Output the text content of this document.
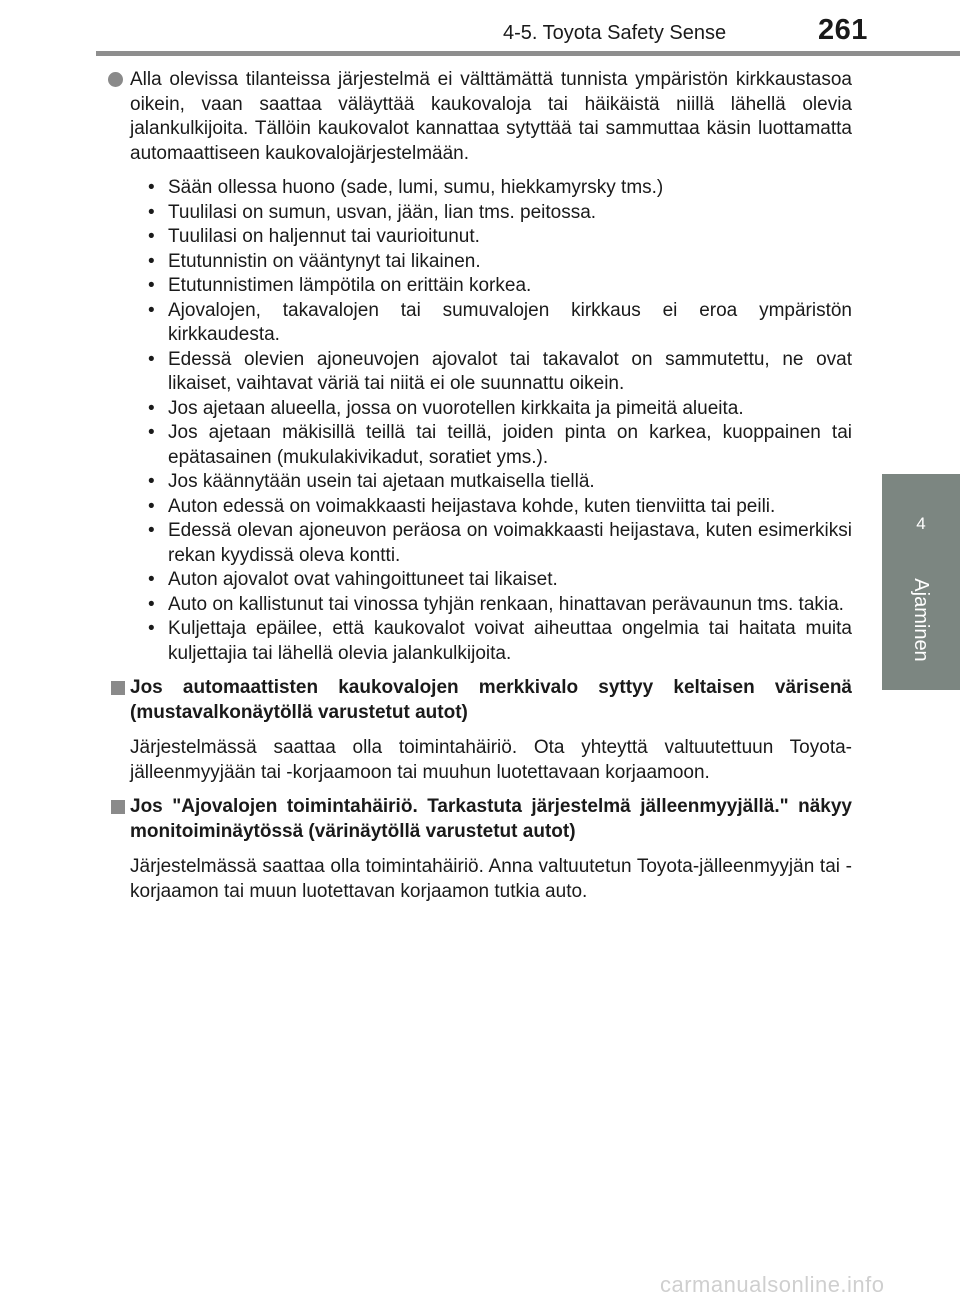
4-5. Toyota Safety Sense	261
4
Ajaminen

Alla olevissa tilanteissa järjestelmä ei välttämättä tunnista ympäristön kirkkaustasoa oikein, vaan saattaa väläyttää kaukovaloja tai häikäistä niillä lähellä olevia jalankulkijoita. Tällöin kaukovalot kannattaa sytyttää tai sammuttaa käsin luottamatta automaattiseen kaukovalojärjestelmään.

• Sään ollessa huono (sade, lumi, sumu, hiekkamyrsky tms.)
• Tuulilasi on sumun, usvan, jään, lian tms. peitossa.
• Tuulilasi on haljennut tai vaurioitunut.
• Etutunnistin on vääntynyt tai likainen.
• Etutunnistimen lämpötila on erittäin korkea.
• Ajovalojen, takavalojen tai sumuvalojen kirkkaus ei eroa ympäristön kirkkaudesta.
• Edessä olevien ajoneuvojen ajovalot tai takavalot on sammutettu, ne ovat likaiset, vaihtavat väriä tai niitä ei ole suunnattu oikein.
• Jos ajetaan alueella, jossa on vuorotellen kirkkaita ja pimeitä alueita.
• Jos ajetaan mäkisillä teillä tai teillä, joiden pinta on karkea, kuoppainen tai epätasainen (mukulakivikadut, soratiet yms.).
• Jos käännytään usein tai ajetaan mutkaisella tiellä.
• Auton edessä on voimakkaasti heijastava kohde, kuten tienviitta tai peili.
• Edessä olevan ajoneuvon peräosa on voimakkaasti heijastava, kuten esimerkiksi rekan kyydissä oleva kontti.
• Auton ajovalot ovat vahingoittuneet tai likaiset.
• Auto on kallistunut tai vinossa tyhjän renkaan, hinattavan perävaunun tms. takia.
• Kuljettaja epäilee, että kaukovalot voivat aiheuttaa ongelmia tai haitata muita kuljettajia tai lähellä olevia jalankulkijoita.

Jos automaattisten kaukovalojen merkkivalo syttyy keltaisen värisenä (mustavalkonäytöllä varustetut autot)

Järjestelmässä saattaa olla toimintahäiriö. Ota yhteyttä valtuutettuun Toyota-jälleenmyyjään tai -korjaamoon tai muuhun luotettavaan korjaamoon.

Jos "Ajovalojen toimintahäiriö. Tarkastuta järjestelmä jälleenmyyjällä." näkyy monitoiminäytössä (värinäytöllä varustetut autot)

Järjestelmässä saattaa olla toimintahäiriö. Anna valtuutetun Toyota-jälleenmyyjän tai -korjaamon tai muun luotettavan korjaamon tutkia auto.

carmanualsonline.info
